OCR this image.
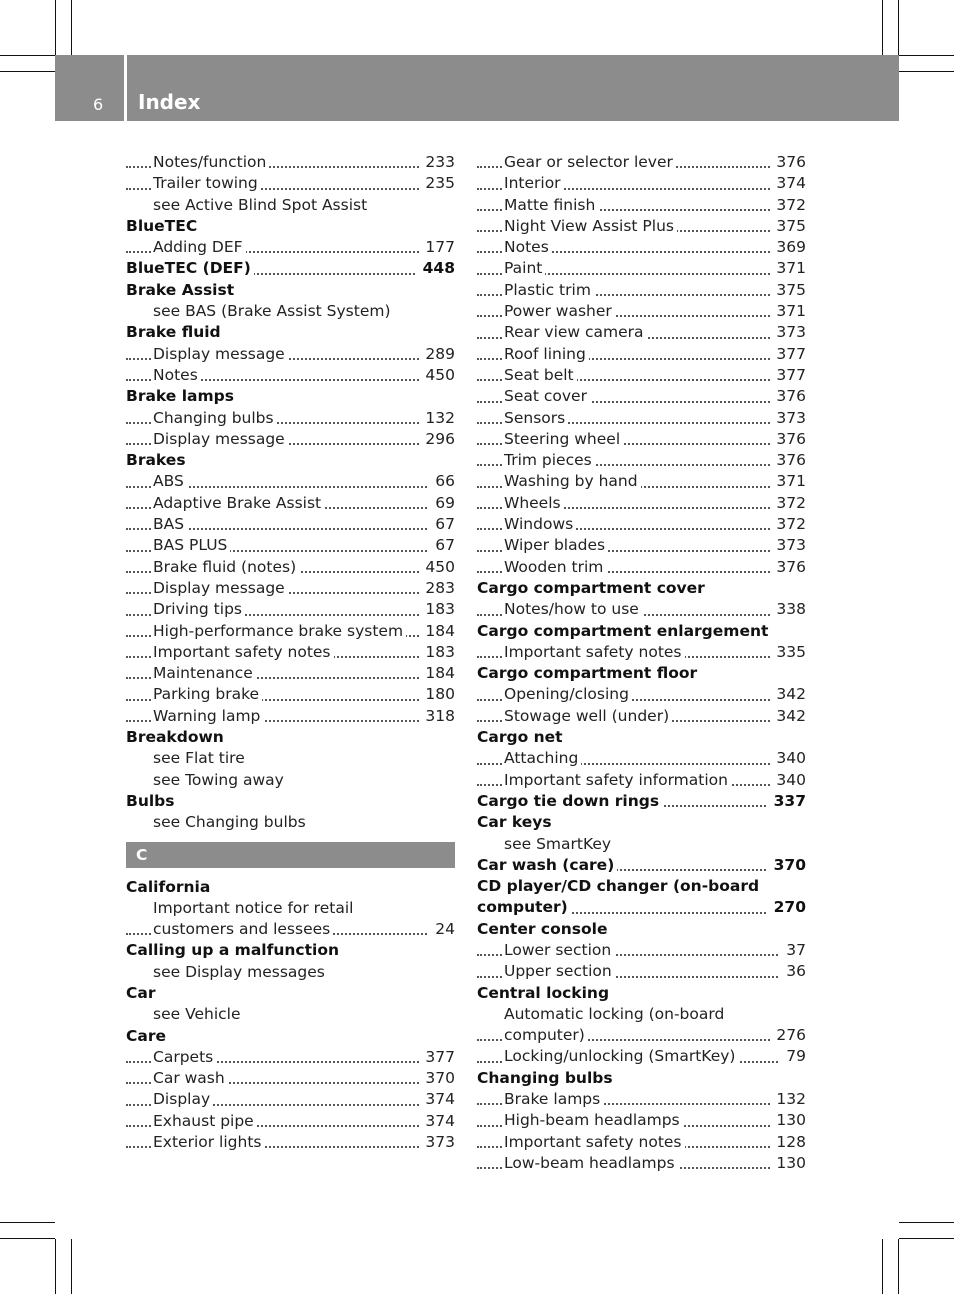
6 Index
Notes/function	233
Trailer towing	235
see Active Blind Spot Assist
BlueTEC
Adding DEF	177
BlueTEC (DEF)	448
Brake Assist
see BAS (Brake Assist System)
Brake fluid
Display message	289
Notes	450
Brake lamps
Changing bulbs	132
Display message	296
Brakes
ABS	66
Adaptive Brake Assist	69
BAS	67
BAS PLUS	67
Brake fluid (notes)	450
Display message	283
Driving tips	183
High-performance brake system	184
Important safety notes	183
Maintenance	184
Parking brake	180
Warning lamp	318
Breakdown
see Flat tire
see Towing away
Bulbs
see Changing bulbs
C
California
Important notice for retail
customers and lessees	24
Calling up a malfunction
see Display messages
Car
see Vehicle
Care
Carpets	377
Car wash	370
Display	374
Exhaust pipe	374
Exterior lights	373
Gear or selector lever	376
Interior	374
Matte finish	372
Night View Assist Plus	375
Notes	369
Paint	371
Plastic trim	375
Power washer	371
Rear view camera	373
Roof lining	377
Seat belt	377
Seat cover	376
Sensors	373
Steering wheel	376
Trim pieces	376
Washing by hand	371
Wheels	372
Windows	372
Wiper blades	373
Wooden trim	376
Cargo compartment cover
Notes/how to use	338
Cargo compartment enlargement
Important safety notes	335
Cargo compartment floor
Opening/closing	342
Stowage well (under)	342
Cargo net
Attaching	340
Important safety information	340
Cargo tie down rings	337
Car keys
see SmartKey
Car wash (care)	370
CD player/CD changer (on-board
computer)	270
Center console
Lower section	37
Upper section	36
Central locking
Automatic locking (on-board
computer)	276
Locking/unlocking (SmartKey)	79
Changing bulbs
Brake lamps	132
High-beam headlamps	130
Important safety notes	128
Low-beam headlamps	130
